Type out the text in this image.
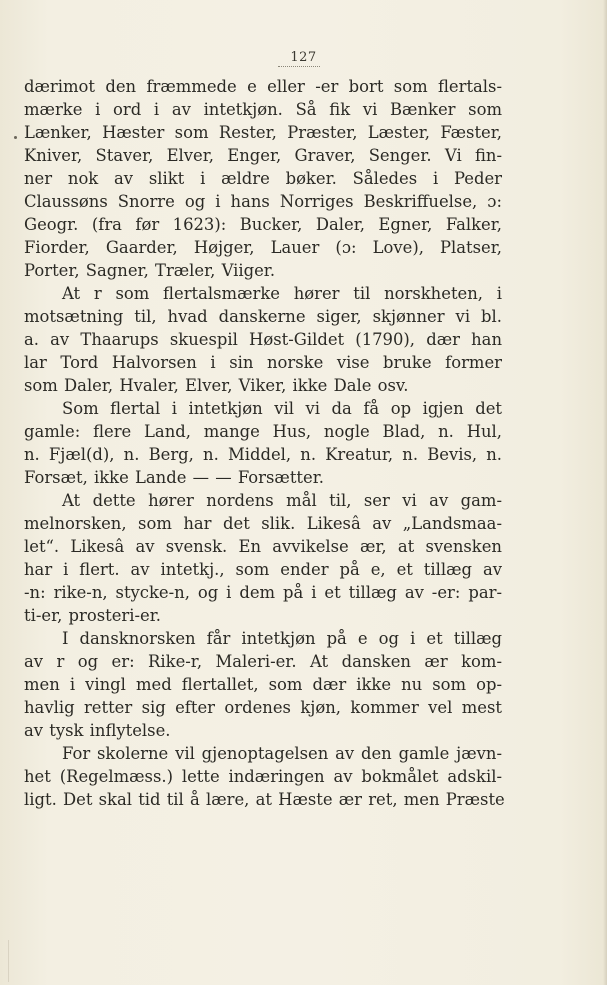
127
dærimot den fræmmede e eller -er bort som flertals-
mærke i ord i av intetkjøn. Så fik vi Bænker som
Lænker, Hæster som Rester, Præster, Læster, Fæster,
Kniver, Staver, Elver, Enger, Graver, Senger. Vi fin-
ner nok av slikt i ældre bøker. Således i Peder
Claussøns Snorre og i hans Norriges Beskriffuelse, ɔ:
Geogr. (fra før 1623): Bucker, Daler, Egner, Falker,
Fiorder, Gaarder, Højger, Lauer (ɔ: Love), Platser,
Porter, Sagner, Træler, Viiger.
At r som flertalsmærke hører til norskheten, i
motsætning til, hvad danskerne siger, skjønner vi bl.
a. av Thaarups skuespil Høst-Gildet (1790), dær han
lar Tord Halvorsen i sin norske vise bruke former
som Daler, Hvaler, Elver, Viker, ikke Dale osv.
Som flertal i intetkjøn vil vi da få op igjen det
gamle: flere Land, mange Hus, nogle Blad, n. Hul,
n. Fjæl(d), n. Berg, n. Middel, n. Kreatur, n. Bevis, n.
Forsæt, ikke Lande — — Forsætter.
At dette hører nordens mål til, ser vi av gam-
melnorsken, som har det slik. Likesâ av „Landsmaa-
let“. Likesâ av svensk. En avvikelse ær, at svensken
har i flert. av intetkj., som ender på e, et tillæg av
-n: rike-n, stycke-n, og i dem på i et tillæg av -er: par-
ti-er, prosteri-er.
I dansknorsken får intetkjøn på e og i et tillæg
av r og er: Rike-r, Maleri-er. At dansken ær kom-
men i vingl med flertallet, som dær ikke nu som op-
havlig retter sig efter ordenes kjøn, kommer vel mest
av tysk inflytelse.
For skolerne vil gjenoptagelsen av den gamle jævn-
het (Regelmæss.) lette indæringen av bokmålet adskil-
ligt. Det skal tid til å lære, at Hæste ær ret, men Præste
